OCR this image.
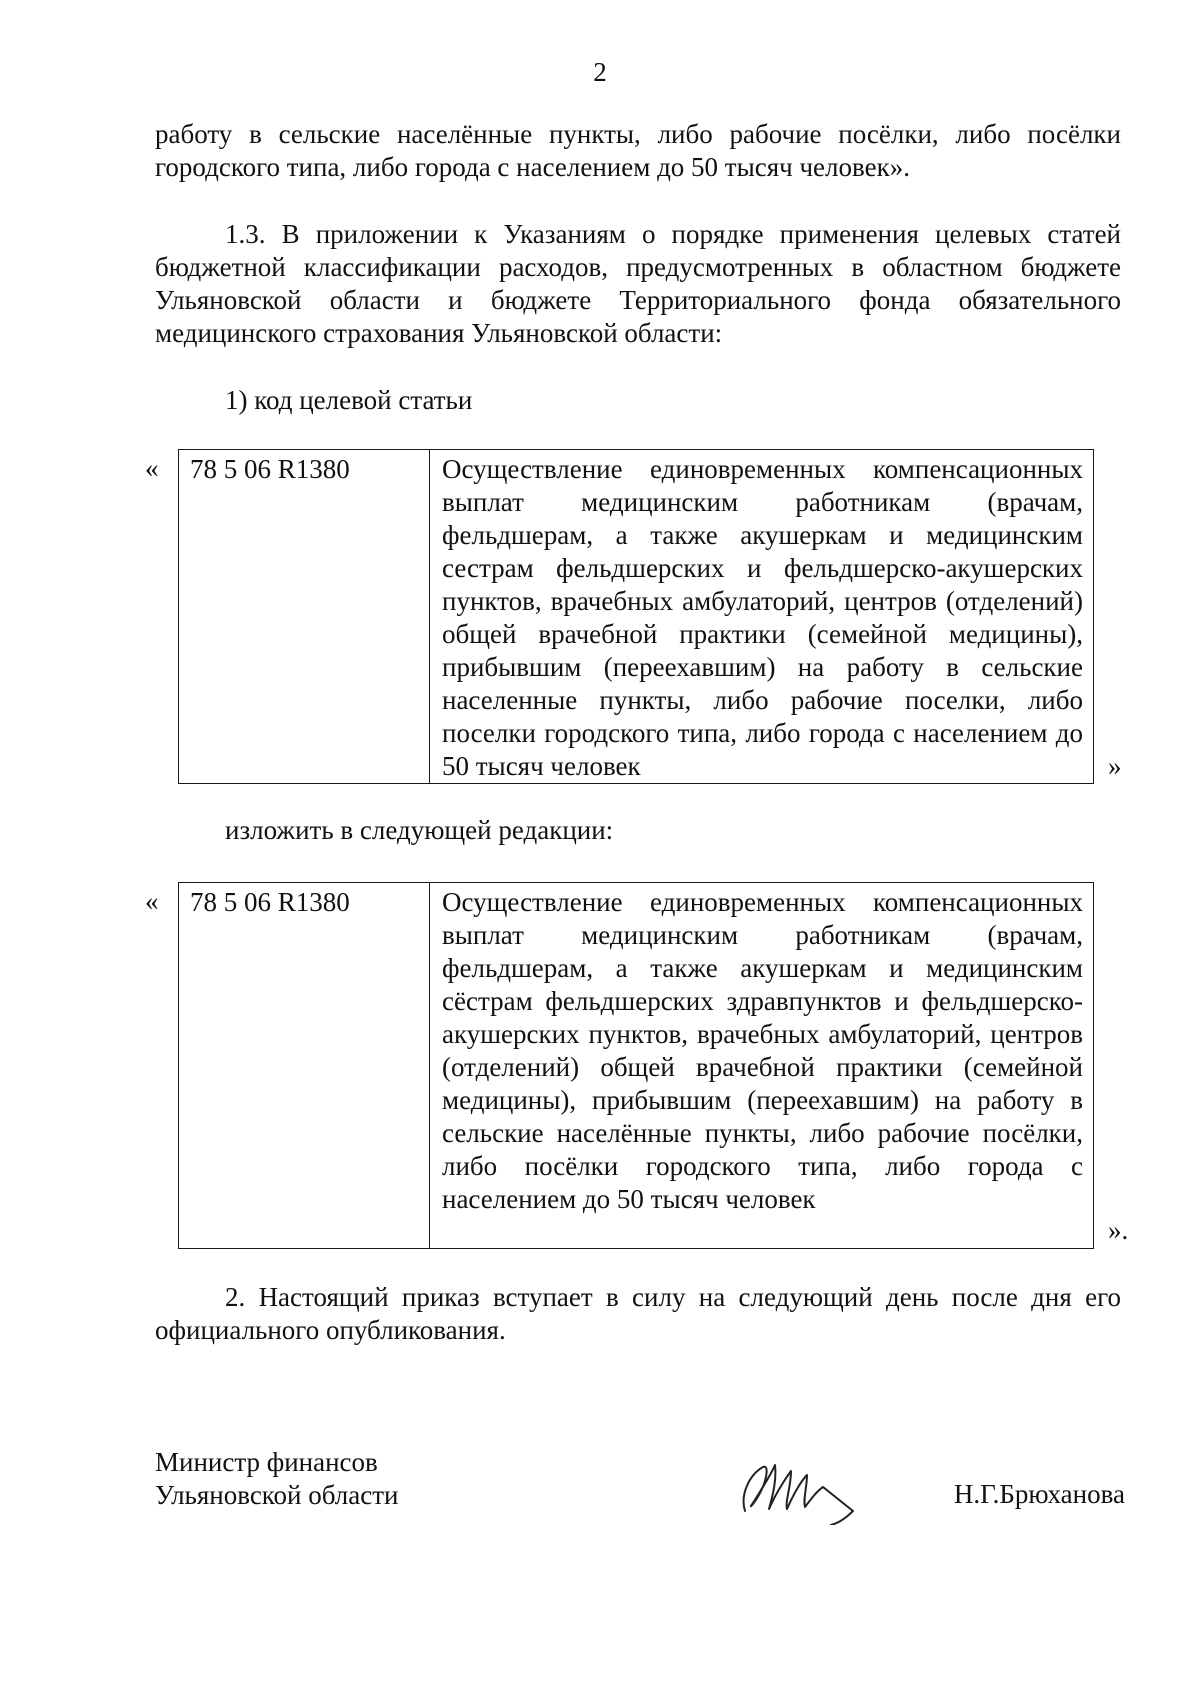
2
работу в сельские населённые пункты, либо рабочие посёлки, либо посёлки городского типа, либо города с населением до 50 тысяч человек».
1.3. В приложении к Указаниям о порядке применения целевых статей бюджетной классификации расходов, предусмотренных в областном бюджете Ульяновской области и бюджете Территориального фонда обязательного медицинского страхования Ульяновской области:
1) код целевой статьи
«	78 5 06 R1380	Осуществление единовременных компенсационных выплат медицинским работникам (врачам, фельдшерам, а также акушеркам и медицинским сестрам фельдшерских и фельдшерско-акушерских пунктов, врачебных амбулаторий, центров (отделений) общей врачебной практики (семейной медицины), прибывшим (переехавшим) на работу в сельские населенные пункты, либо рабочие поселки, либо поселки городского типа, либо города с населением до 50 тысяч человек	»
изложить в следующей редакции:
«	78 5 06 R1380	Осуществление единовременных компенсационных выплат медицинским работникам (врачам, фельдшерам, а также акушеркам и медицинским сёстрам фельдшерских здравпунктов и фельдшерско-акушерских пунктов, врачебных амбулаторий, центров (отделений) общей врачебной практики (семейной медицины), прибывшим (переехавшим) на работу в сельские населённые пункты, либо рабочие посёлки, либо посёлки городского типа, либо города с населением до 50 тысяч человек
».
2. Настоящий приказ вступает в силу на следующий день после дня его официального опубликования.
Министр финансов
Ульяновской области	Н.Г.Брюханова
